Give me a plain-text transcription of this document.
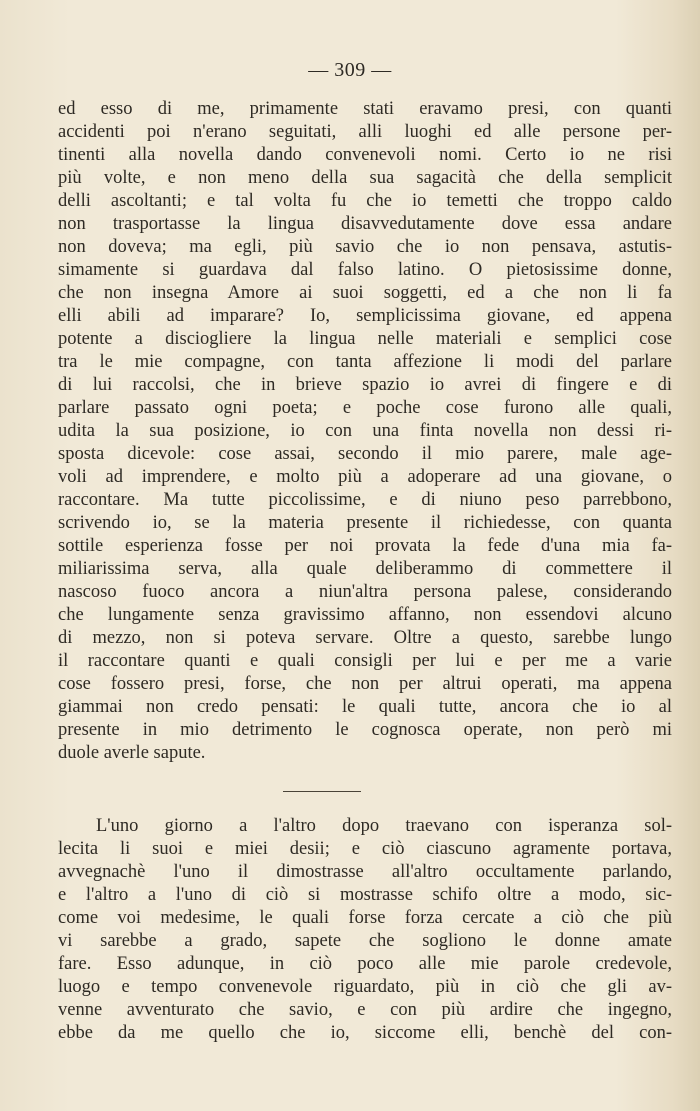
— 309 —
ed esso di me, primamente stati eravamo presi, con quanti
accidenti poi n'erano seguitati, alli luoghi ed alle persone per-
tinenti alla novella dando convenevoli nomi. Certo io ne risi
più volte, e non meno della sua sagacità che della semplicit
delli ascoltanti; e tal volta fu che io temetti che troppo caldo
non trasportasse la lingua disavvedutamente dove essa andare
non doveva; ma egli, più savio che io non pensava, astutis-
simamente si guardava dal falso latino. O pietosissime donne,
che non insegna Amore ai suoi soggetti, ed a che non li fa
elli abili ad imparare? Io, semplicissima giovane, ed appena
potente a disciogliere la lingua nelle materiali e semplici cose
tra le mie compagne, con tanta affezione li modi del parlare
di lui raccolsi, che in brieve spazio io avrei di fingere e di
parlare passato ogni poeta; e poche cose furono alle quali,
udita la sua posizione, io con una finta novella non dessi ri-
sposta dicevole: cose assai, secondo il mio parere, male age-
voli ad imprendere, e molto più a adoperare ad una giovane, o
raccontare. Ma tutte piccolissime, e di niuno peso parrebbono,
scrivendo io, se la materia presente il richiedesse, con quanta
sottile esperienza fosse per noi provata la fede d'una mia fa-
miliarissima serva, alla quale deliberammo di commettere il
nascoso fuoco ancora a niun'altra persona palese, considerando
che lungamente senza gravissimo affanno, non essendovi alcuno
di mezzo, non si poteva servare. Oltre a questo, sarebbe lungo
il raccontare quanti e quali consigli per lui e per me a varie
cose fossero presi, forse, che non per altrui operati, ma appena
giammai non credo pensati: le quali tutte, ancora che io al
presente in mio detrimento le cognosca operate, non però mi
duole averle sapute.
L'uno giorno a l'altro dopo traevano con isperanza sol-
lecita li suoi e miei desii; e ciò ciascuno agramente portava,
avvegnachè l'uno il dimostrasse all'altro occultamente parlando,
e l'altro a l'uno di ciò si mostrasse schifo oltre a modo, sic-
come voi medesime, le quali forse forza cercate a ciò che più
vi sarebbe a grado, sapete che sogliono le donne amate
fare. Esso adunque, in ciò poco alle mie parole credevole,
luogo e tempo convenevole riguardato, più in ciò che gli av-
venne avventurato che savio, e con più ardire che ingegno,
ebbe da me quello che io, siccome elli, benchè del con-
